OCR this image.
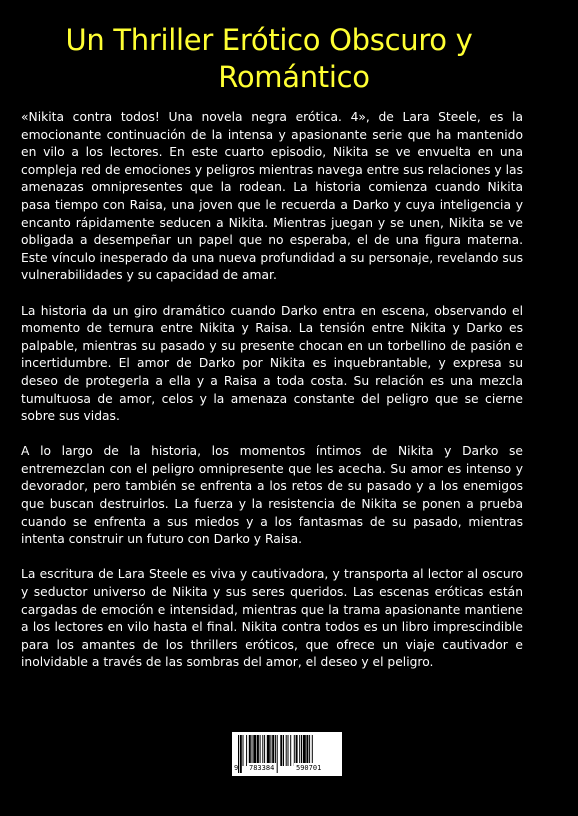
Un Thriller Erótico Obscuro y
Romántico

«Nikita contra todos! Una novela negra erótica. 4», de Lara Steele, es la emocionante continuación de la intensa y apasionante serie que ha mantenido en vilo a los lectores. En este cuarto episodio, Nikita se ve envuelta en una compleja red de emociones y peligros mientras navega entre sus relaciones y las amenazas omnipresentes que la rodean. La historia comienza cuando Nikita pasa tiempo con Raisa, una joven que le recuerda a Darko y cuya inteligencia y encanto rápidamente seducen a Nikita. Mientras juegan y se unen, Nikita se ve obligada a desempeñar un papel que no esperaba, el de una figura materna. Este vínculo inesperado da una nueva profundidad a su personaje, revelando sus vulnerabilidades y su capacidad de amar.

La historia da un giro dramático cuando Darko entra en escena, observando el momento de ternura entre Nikita y Raisa. La tensión entre Nikita y Darko es palpable, mientras su pasado y su presente chocan en un torbellino de pasión e incertidumbre. El amor de Darko por Nikita es inquebrantable, y expresa su deseo de protegerla a ella y a Raisa a toda costa. Su relación es una mezcla tumultuosa de amor, celos y la amenaza constante del peligro que se cierne sobre sus vidas.

A lo largo de la historia, los momentos íntimos de Nikita y Darko se entremezclan con el peligro omnipresente que les acecha. Su amor es intenso y devorador, pero también se enfrenta a los retos de su pasado y a los enemigos que buscan destruirlos. La fuerza y la resistencia de Nikita se ponen a prueba cuando se enfrenta a sus miedos y a los fantasmas de su pasado, mientras intenta construir un futuro con Darko y Raisa.

La escritura de Lara Steele es viva y cautivadora, y transporta al lector al oscuro y seductor universo de Nikita y sus seres queridos. Las escenas eróticas están cargadas de emoción e intensidad, mientras que la trama apasionante mantiene a los lectores en vilo hasta el final. Nikita contra todos es un libro imprescindible para los amantes de los thrillers eróticos, que ofrece un viaje cautivador e inolvidable a través de las sombras del amor, el deseo y el peligro.

9 783384	590701
